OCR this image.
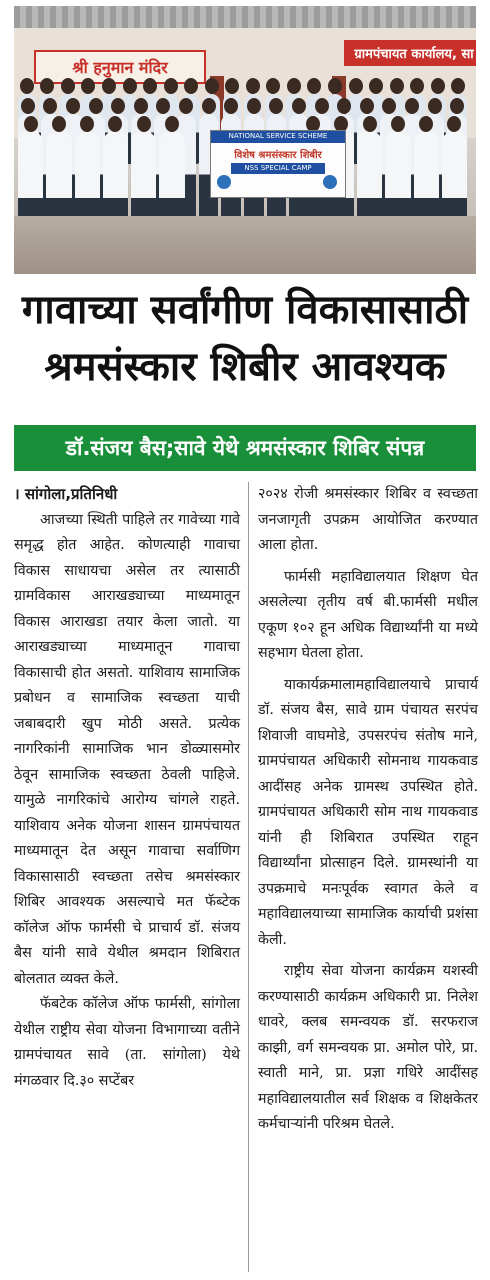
श्री हनुमान मंदिर
ग्रामपंचायत कार्यालय, सा
NATIONAL SERVICE SCHEME
विशेष श्रमसंस्कार शिबीर
NSS SPECIAL CAMP
गावाच्या सर्वांगीण विकासासाठी
श्रमसंस्कार शिबीर आवश्यक
डॉ.संजय बैस;सावे येथे श्रमसंस्कार शिबिर संपन्न

। सांगोला,प्रतिनिधी

आजच्या स्थिती पाहिले तर गावेच्या गावे समृद्ध होत आहेत. कोणत्याही गावाचा विकास साधायचा असेल तर त्यासाठी ग्रामविकास आराखड्याच्या माध्यमातून विकास आराखडा तयार केला जातो. या आराखड्याच्या माध्यमातून गावाचा विकासाची होत असतो. याशिवाय सामाजिक प्रबोधन व सामाजिक स्वच्छता याची जबाबदारी खुप मोठी असते. प्रत्येक नागरिकांनी सामाजिक भान डोळ्यासमोर ठेवून सामाजिक स्वच्छता ठेवली पाहिजे. यामुळे नागरिकांचे आरोग्य चांगले राहते. याशिवाय अनेक योजना शासन ग्रामपंचायत माध्यमातून देत असून गावाचा सर्वाणिग विकासासाठी स्वच्छता तसेच श्रमसंस्कार शिबिर आवश्यक असल्याचे मत फॅब्टेक कॉलेज ऑफ फार्मसी चे प्राचार्य डॉ. संजय बैस यांनी सावे येथील श्रमदान शिबिरात बोलतात व्यक्त केले.

फॅबटेक कॉलेज ऑफ फार्मसी, सांगोला येथील राष्ट्रीय सेवा योजना विभागाच्या वतीने ग्रामपंचायत सावे (ता. सांगोला) येथे मंगळवार दि.३० सप्टेंबर

२०२४ रोजी श्रमसंस्कार शिबिर व स्वच्छता जनजागृती उपक्रम आयोजित करण्यात आला होता.

फार्मसी महाविद्यालयात शिक्षण घेत असलेल्या तृतीय वर्ष बी.फार्मसी मधील एकूण १०२ हून अधिक विद्यार्थ्यांनी या मध्ये सहभाग घेतला होता.

याकार्यक्रमालामहाविद्यालयाचे प्राचार्य डॉ. संजय बैस, सावे ग्राम पंचायत सरपंच शिवाजी वाघमोडे, उपसरपंच संतोष माने, ग्रामपंचायत अधिकारी सोमनाथ गायकवाड आदींसह अनेक ग्रामस्थ उपस्थित होते. ग्रामपंचायत अधिकारी सोम नाथ गायकवाड यांनी ही शिबिरात उपस्थित राहून विद्यार्थ्यांना प्रोत्साहन दिले. ग्रामस्थांनी या उपक्रमाचे मनःपूर्वक स्वागत केले व महाविद्यालयाच्या सामाजिक कार्याची प्रशंसा केली.

राष्ट्रीय सेवा योजना कार्यक्रम यशस्वी करण्यासाठी कार्यक्रम अधिकारी प्रा. निलेश धावरे, क्लब समन्वयक डॉ. सरफराज काझी, वर्ग समन्वयक प्रा. अमोल पोरे, प्रा. स्वाती माने, प्रा. प्रज्ञा गधिरे आदींसह महाविद्यालयातील सर्व शिक्षक व शिक्षकेतर कर्मचाऱ्यांनी परिश्रम घेतले.
